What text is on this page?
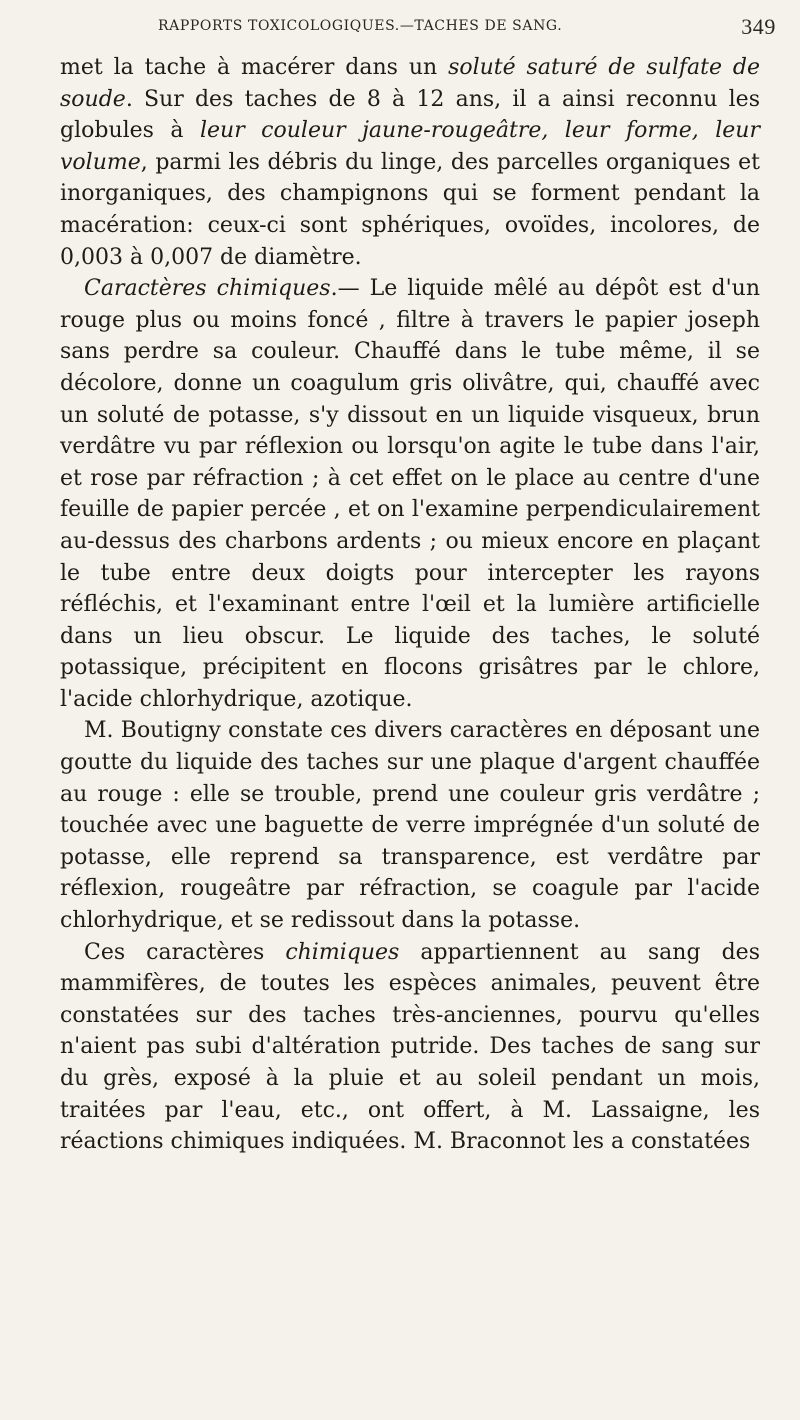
RAPPORTS TOXICOLOGIQUES.—TACHES DE SANG.	349

met la tache à macérer dans un soluté saturé de sulfate de soude. Sur des taches de 8 à 12 ans, il a ainsi reconnu les globules à leur couleur jaune-rougeâtre, leur forme, leur volume, parmi les débris du linge, des parcelles organiques et inorganiques, des champignons qui se forment pendant la macération: ceux-ci sont sphériques, ovoïdes, incolores, de 0,003 à 0,007 de diamètre.

Caractères chimiques.— Le liquide mêlé au dépôt est d'un rouge plus ou moins foncé , filtre à travers le papier joseph sans perdre sa couleur. Chauffé dans le tube même, il se décolore, donne un coagulum gris olivâtre, qui, chauffé avec un soluté de potasse, s'y dissout en un liquide visqueux, brun verdâtre vu par réflexion ou lorsqu'on agite le tube dans l'air, et rose par réfraction ; à cet effet on le place au centre d'une feuille de papier percée , et on l'examine perpendiculairement au-dessus des charbons ardents ; ou mieux encore en plaçant le tube entre deux doigts pour intercepter les rayons réfléchis, et l'examinant entre l'œil et la lumière artificielle dans un lieu obscur. Le liquide des taches, le soluté potassique, précipitent en flocons grisâtres par le chlore, l'acide chlorhydrique, azotique.

M. Boutigny constate ces divers caractères en déposant une goutte du liquide des taches sur une plaque d'argent chauffée au rouge : elle se trouble, prend une couleur gris verdâtre ; touchée avec une baguette de verre imprégnée d'un soluté de potasse, elle reprend sa transparence, est verdâtre par réflexion, rougeâtre par réfraction, se coagule par l'acide chlorhydrique, et se redissout dans la potasse.

Ces caractères chimiques appartiennent au sang des mammifères, de toutes les espèces animales, peuvent être constatées sur des taches très-anciennes, pourvu qu'elles n'aient pas subi d'altération putride. Des taches de sang sur du grès, exposé à la pluie et au soleil pendant un mois, traitées par l'eau, etc., ont offert, à M. Lassaigne, les réactions chimiques indiquées. M. Braconnot les a constatées
